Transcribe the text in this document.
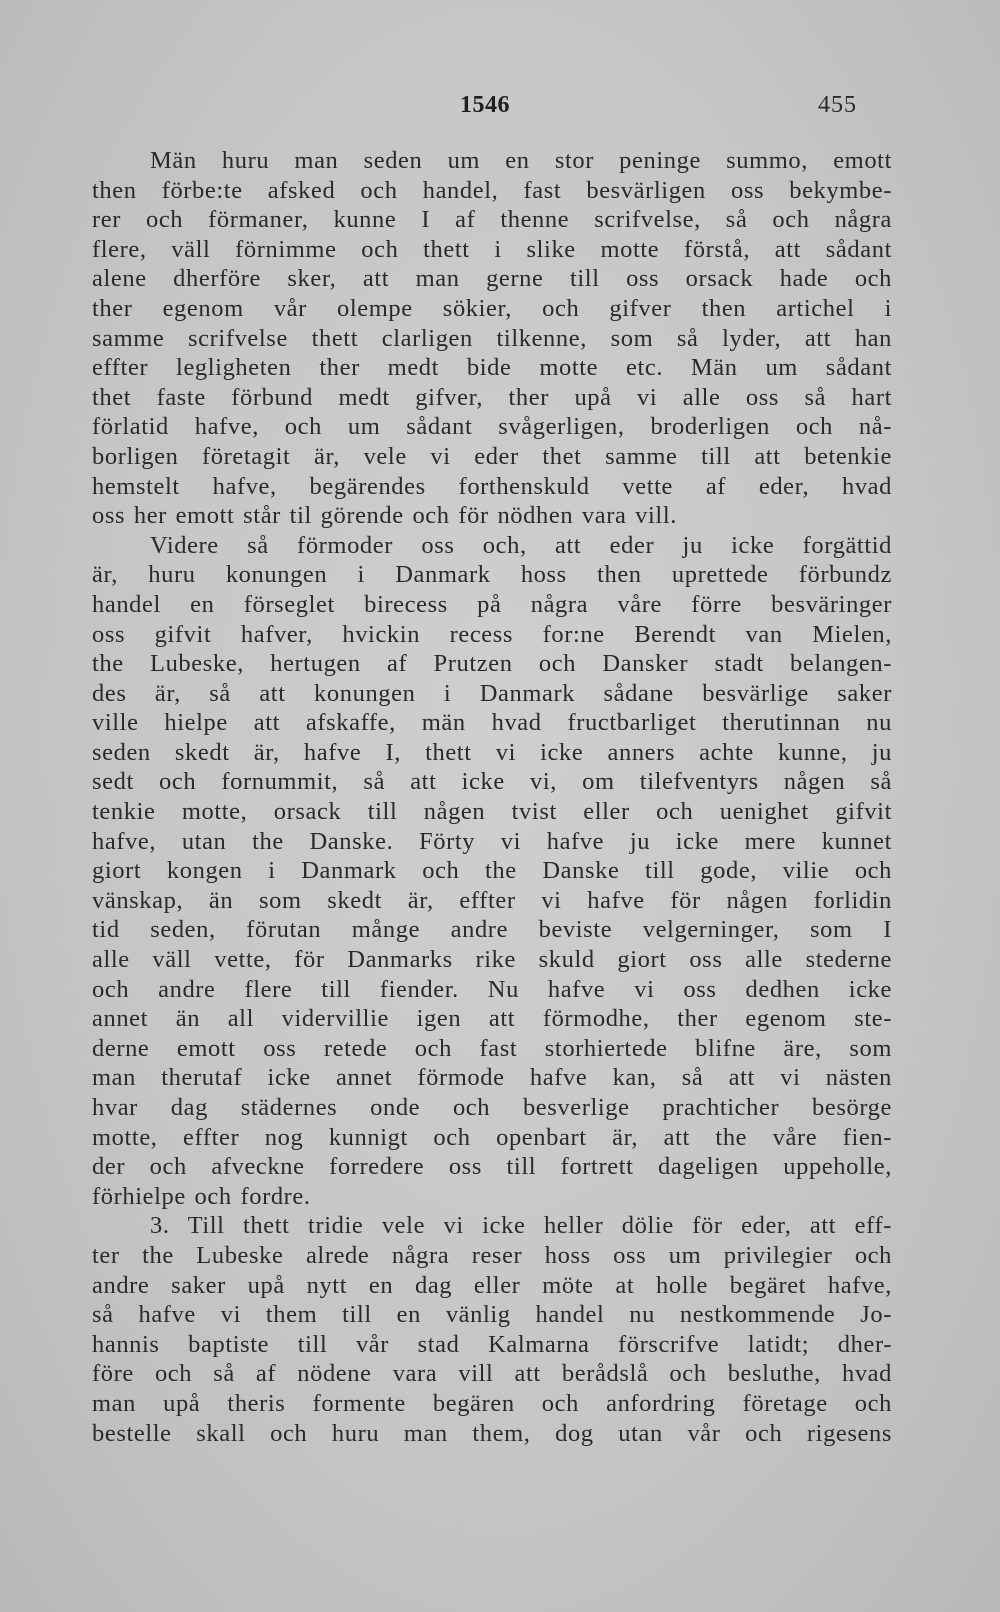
1546	455
Män huru man seden um en stor peninge summo, emott
then förbe:te afsked och handel, fast besvärligen oss bekymbe-
rer och förmaner, kunne I af thenne scrifvelse, så och några
flere, väll förnimme och thett i slike motte förstå, att sådant
alene dherföre sker, att man gerne till oss orsack hade och
ther egenom vår olempe sökier, och gifver then artichel i
samme scrifvelse thett clarligen tilkenne, som så lyder, att han
effter legligheten ther medt bide motte etc. Män um sådant
thet faste förbund medt gifver, ther upå vi alle oss så hart
förlatid hafve, och um sådant svågerligen, broderligen och nå-
borligen företagit är, vele vi eder thet samme till att betenkie
hemstelt hafve, begärendes forthenskuld vette af eder, hvad
oss her emott står til görende och för nödhen vara vill.
Videre så förmoder oss och, att eder ju icke forgättid
är, huru konungen i Danmark hoss then uprettede förbundz
handel en förseglet birecess på några våre förre besväringer
oss gifvit hafver, hvickin recess for:ne Berendt van Mielen,
the Lubeske, hertugen af Prutzen och Dansker stadt belangen-
des är, så att konungen i Danmark sådane besvärlige saker
ville hielpe att afskaffe, män hvad fructbarliget therutinnan nu
seden skedt är, hafve I, thett vi icke anners achte kunne, ju
sedt och fornummit, så att icke vi, om tilefventyrs någen så
tenkie motte, orsack till någen tvist eller och uenighet gifvit
hafve, utan the Danske. Förty vi hafve ju icke mere kunnet
giort kongen i Danmark och the Danske till gode, vilie och
vänskap, än som skedt är, effter vi hafve för någen forlidin
tid seden, förutan månge andre beviste velgerninger, som I
alle väll vette, för Danmarks rike skuld giort oss alle stederne
och andre flere till fiender. Nu hafve vi oss dedhen icke
annet än all vidervillie igen att förmodhe, ther egenom ste-
derne emott oss retede och fast storhiertede blifne äre, som
man therutaf icke annet förmode hafve kan, så att vi nästen
hvar dag städernes onde och besverlige prachticher besörge
motte, effter nog kunnigt och openbart är, att the våre fien-
der och afveckne forredere oss till fortrett dageligen uppeholle,
förhielpe och fordre.
3. Till thett tridie vele vi icke heller dölie för eder, att eff-
ter the Lubeske alrede några reser hoss oss um privilegier och
andre saker upå nytt en dag eller möte at holle begäret hafve,
så hafve vi them till en vänlig handel nu nestkommende Jo-
hannis baptiste till vår stad Kalmarna förscrifve latidt; dher-
före och så af nödene vara vill att berådslå och besluthe, hvad
man upå theris formente begären och anfordring företage och
bestelle skall och huru man them, dog utan vår och rigesens
